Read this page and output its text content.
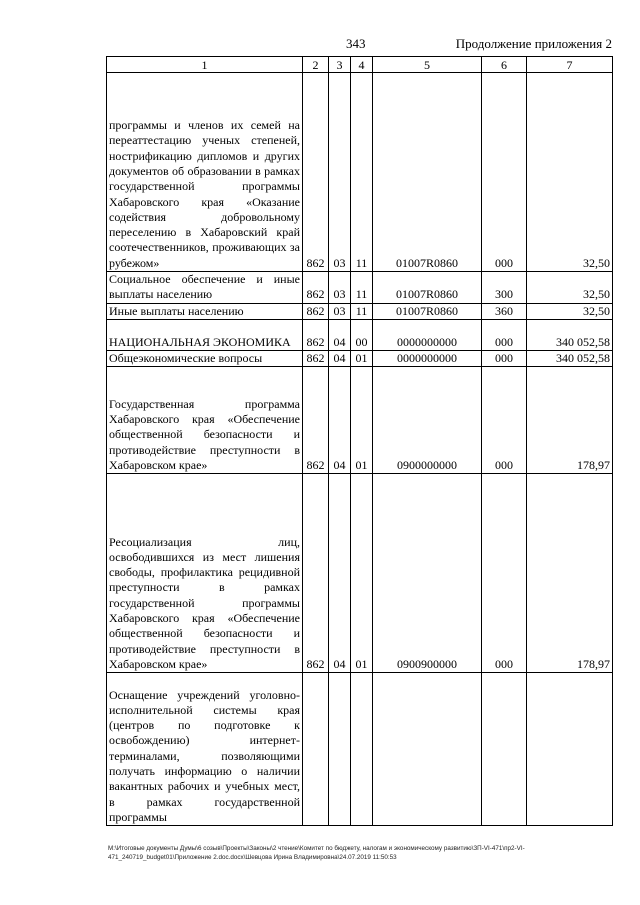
343	Продолжение приложения 2
1	2	3	4	5	6	7
программы и членов их семей на переаттестацию ученых степеней, нострификацию дипломов и других документов об образовании в рамках государственной программы Хабаровского края «Оказание содействия добровольному переселению в Хабаровский край соотечественников, проживающих за рубежом»	862	03	11	01007R0860	000	32,50
Социальное обеспечение и иные выплаты населению	862	03	11	01007R0860	300	32,50
Иные выплаты населению	862	03	11	01007R0860	360	32,50
НАЦИОНАЛЬНАЯ ЭКОНОМИКА	862	04	00	0000000000	000	340 052,58
Общеэкономические вопросы	862	04	01	0000000000	000	340 052,58
Государственная программа Хабаровского края «Обеспечение общественной безопасности и противодействие преступности в Хабаровском крае»	862	04	01	0900000000	000	178,97
Ресоциализация лиц, освободившихся из мест лишения свободы, профилактика рецидивной преступности в рамках государственной программы Хабаровского края «Обеспечение общественной безопасности и противодействие преступности в Хабаровском крае»	862	04	01	0900900000	000	178,97
Оснащение учреждений уголовно-исполнительной системы края (центров по подготовке к освобождению) интернет-терминалами, позволяющими получать информацию о наличии вакантных рабочих и учебных мест, в рамках государственной программы						
M:\Итоговые документы Думы\6 созыв\Проекты\Законы\2 чтение\Комитет по бюджету, налогам и экономическому развитию\ЗП-VI-471\пр2-VI-471_240719_budget01\Приложение 2.doc.docx\Шевцова Ирина Владимировна\24.07.2019 11:50:53
